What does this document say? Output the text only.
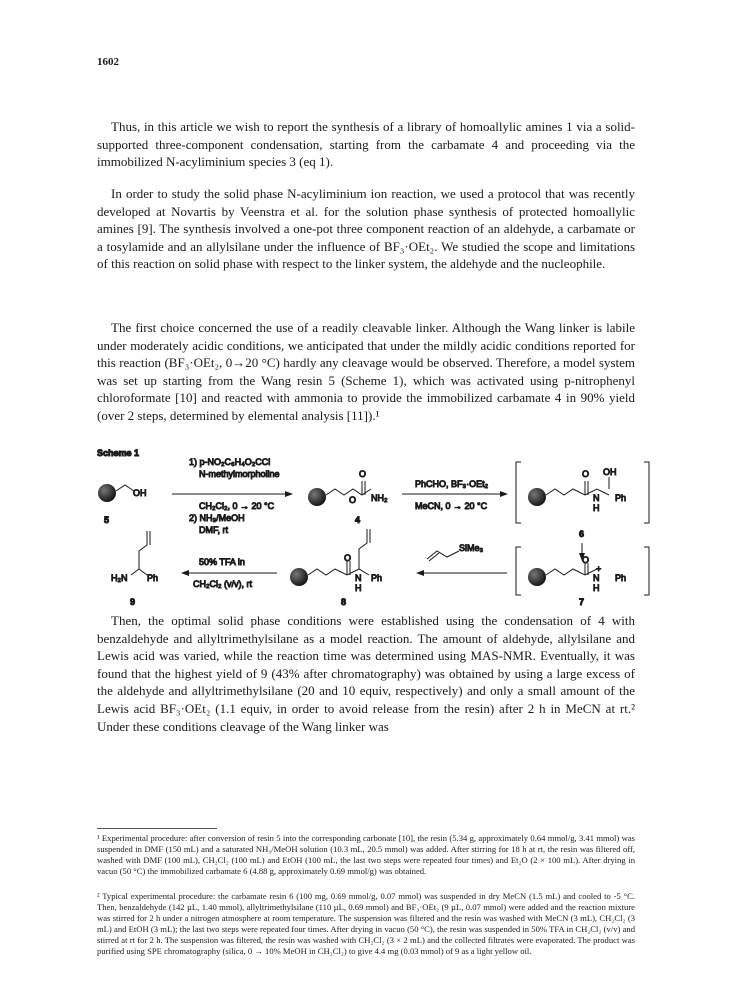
1602

Thus, in this article we wish to report the synthesis of a library of homoallylic amines 1 via a solid-supported three-component condensation, starting from the carbamate 4 and proceeding via the immobilized N-acyliminium species 3 (eq 1).

In order to study the solid phase N-acyliminium ion reaction, we used a protocol that was recently developed at Novartis by Veenstra et al. for the solution phase synthesis of protected homoallylic amines [9]. The synthesis involved a one-pot three component reaction of an aldehyde, a carbamate or a tosylamide and an allylsilane under the influence of BF₃·OEt₂. We studied the scope and limitations of this reaction on solid phase with respect to the linker system, the aldehyde and the nucleophile.

The first choice concerned the use of a readily cleavable linker. Although the Wang linker is labile under moderately acidic conditions, we anticipated that under the mildly acidic conditions reported for this reaction (BF₃·OEt₂, 0→20 °C) hardly any cleavage would be observed. Therefore, a model system was set up starting from the Wang resin 5 (Scheme 1), which was activated using p-nitrophenyl chloroformate [10] and reacted with ammonia to provide the immobilized carbamate 4 in 90% yield (over 2 steps, determined by elemental analysis [11]).¹

Scheme 1
OH
5
1) p-NO₂C₆H₄O₂CCl
N-methylmorpholine
CH₂Cl₂, 0 → 20 °C
2) NH₃/MeOH
DMF, rt
O
O NH₂
4
PhCHO, BF₃·OEt₂
MeCN, 0 → 20 °C
O OH
N
H
Ph
6
O
N
+
H
Ph
7
SiMe₃
O
N
H
Ph
8
50% TFA in
CH₂Cl₂ (v/v), rt
H₂N Ph
9

Then, the optimal solid phase conditions were established using the condensation of 4 with benzaldehyde and allyltrimethylsilane as a model reaction. The amount of aldehyde, allylsilane and Lewis acid was varied, while the reaction time was determined using MAS-NMR. Eventually, it was found that the highest yield of 9 (43% after chromatography) was obtained by using a large excess of the aldehyde and allyltrimethylsilane (20 and 10 equiv, respectively) and only a small amount of the Lewis acid BF₃·OEt₂ (1.1 equiv, in order to avoid release from the resin) after 2 h in MeCN at rt.² Under these conditions cleavage of the Wang linker was

¹ Experimental procedure: after conversion of resin 5 into the corresponding carbonate [10], the resin (5.34 g, approximately 0.64 mmol/g, 3.41 mmol) was suspended in DMF (150 mL) and a saturated NH₃/MeOH solution (10.3 mL, 20.5 mmol) was added. After stirring for 18 h at rt, the resin was filtered off, washed with DMF (100 mL), CH₂Cl₂ (100 mL) and EtOH (100 mL, the last two steps were repeated four times) and Et₂O (2 × 100 mL). After drying in vacuo (50 °C) the immobilized carbamate 6 (4.88 g, approximately 0.69 mmol/g) was obtained.

² Typical experimental procedure: the carbamate resin 6 (100 mg, 0.69 mmol/g, 0.07 mmol) was suspended in dry MeCN (1.5 mL) and cooled to -5 °C. Then, benzaldehyde (142 µL, 1.40 mmol), allyltrimethylsilane (110 µL, 0.69 mmol) and BF₃·OEt₂ (9 µL, 0.07 mmol) were added and the reaction mixture was stirred for 2 h under a nitrogen atmosphere at room temperature. The suspension was filtered and the resin was washed with MeCN (3 mL), CH₂Cl₂ (3 mL) and EtOH (3 mL); the last two steps were repeated four times. After drying in vacuo (50 °C), the resin was suspended in 50% TFA in CH₂Cl₂ (v/v) and stirred at rt for 2 h. The suspension was filtered, the resin was washed with CH₂Cl₂ (3 × 2 mL) and the collected filtrates were evaporated. The product was purified using SPE chromatography (silica, 0 → 10% MeOH in CH₂Cl₂) to give 4.4 mg (0.03 mmol) of 9 as a light yellow oil.
